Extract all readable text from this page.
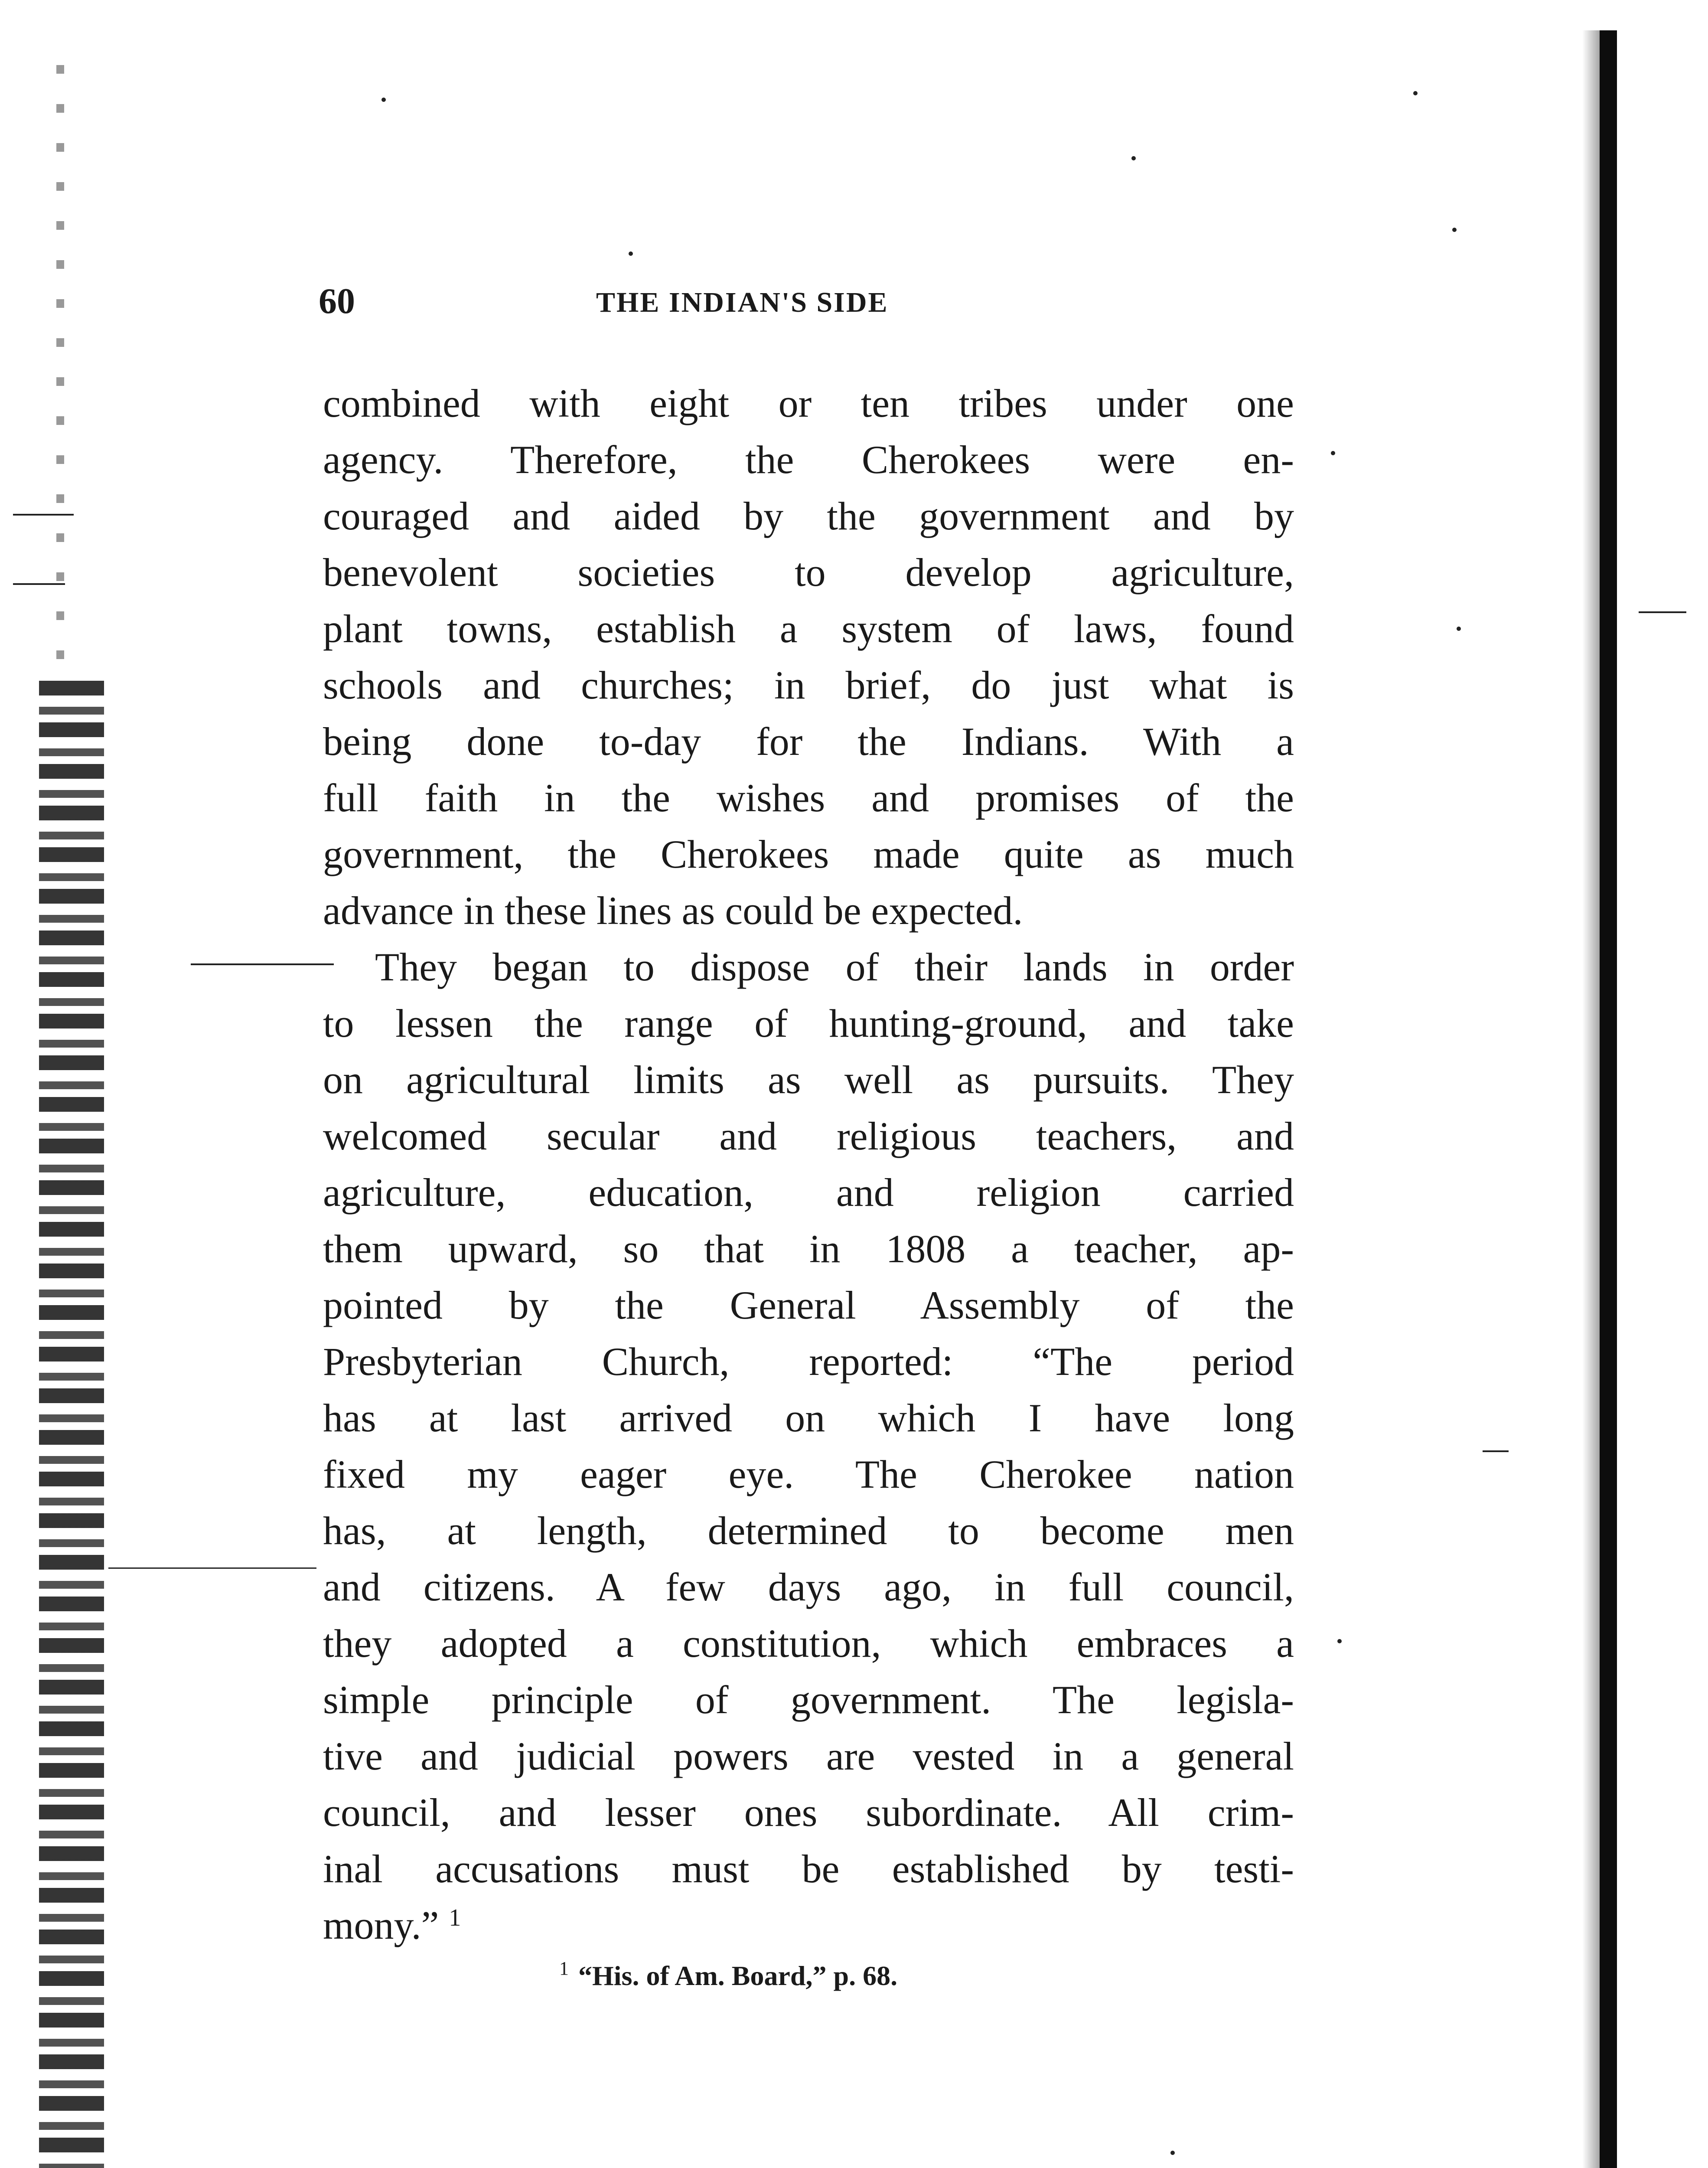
60	THE INDIAN'S SIDE
combined with eight or ten tribes under one
agency. Therefore, the Cherokees were en-
couraged and aided by the government and by
benevolent societies to develop agriculture,
plant towns, establish a system of laws, found
schools and churches; in brief, do just what is
being done to-day for the Indians. With a
full faith in the wishes and promises of the
government, the Cherokees made quite as much
advance in these lines as could be expected.
They began to dispose of their lands in order
to lessen the range of hunting-ground, and take
on agricultural limits as well as pursuits. They
welcomed secular and religious teachers, and
agriculture, education, and religion carried
them upward, so that in 1808 a teacher, ap-
pointed by the General Assembly of the
Presbyterian Church, reported: “The period
has at last arrived on which I have long
fixed my eager eye. The Cherokee nation
has, at length, determined to become men
and citizens. A few days ago, in full council,
they adopted a constitution, which embraces a
simple principle of government. The legisla-
tive and judicial powers are vested in a general
council, and lesser ones subordinate. All crim-
inal accusations must be established by testi-
mony.” $^1$
$^1$ “His. of Am. Board,” p. 68.
